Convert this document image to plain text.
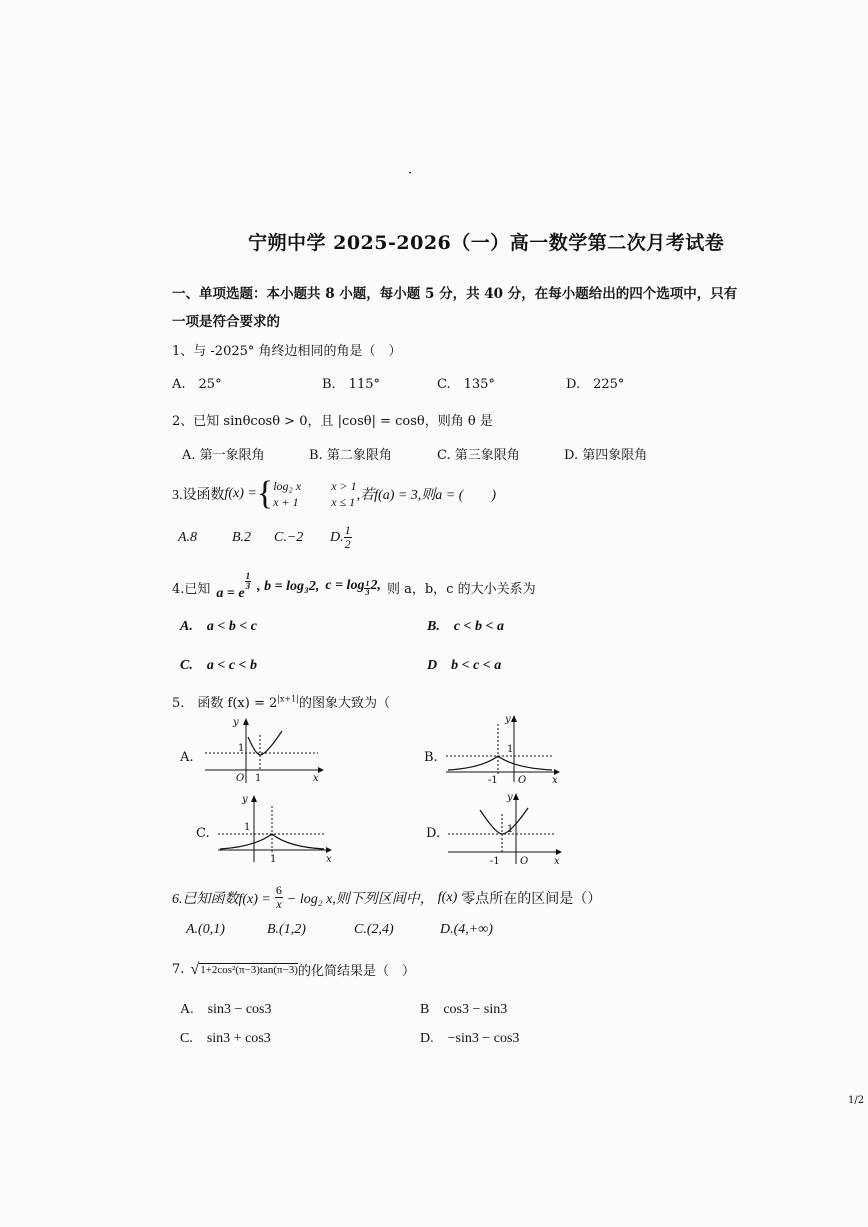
·
宁朔中学 2025-2026（一）高一数学第二次月考试卷
一、单项选题：本小题共 8 小题，每小题 5 分，共 40 分，在每小题给出的四个选项中，只有
一项是符合要求的
1、与 -2025° 角终边相同的角是（　）
A.　25°	B.　115°	C.　135°	D.　225°
2、已知 sinθcosθ > 0，且 |cosθ| = cosθ，则角 θ 是
A. 第一象限角	B. 第二象限角	C. 第三象限角	D. 第四象限角
3.设函数 f(x) = { log₂ x	x > 1
x + 1	x ≤ 1 ,若f(a) = 3,则a = (　　)
A.8 B.2 C.−2 D. $\frac{1}{2}$
4.已知 a = e
$^{\frac{1}{3}}$ , b = log₃2, c = log $_{\frac{1}{3}}$ 2, 则 a，b，c 的大小关系为
A.　a < b < c	B.　c < b < a
C.　a < c < b	D　b < c < a
5.　函数 $f(x) = 2^{|x+1|}$的图象大致为（
A.
1
O 1	x
y
B.
1
-1 O	x
y
C.	1
1	x
y
D.	1
-1 O	x
y
6.已知函数$f(x) = \frac{6}{x} - \log_2$ x,则下列区间中， f(x) 零点所在的区间是（）
A.(0,1)	B.(1,2)	C.(2,4)	D.(4,+∞)
7. √ 1+2cos²(π−3)tan(π−3) 的化简结果是（　）
A.　sin3 − cos3	B　cos3 − sin3
C.　sin3 + cos3	D.　−sin3 − cos3
1/2
